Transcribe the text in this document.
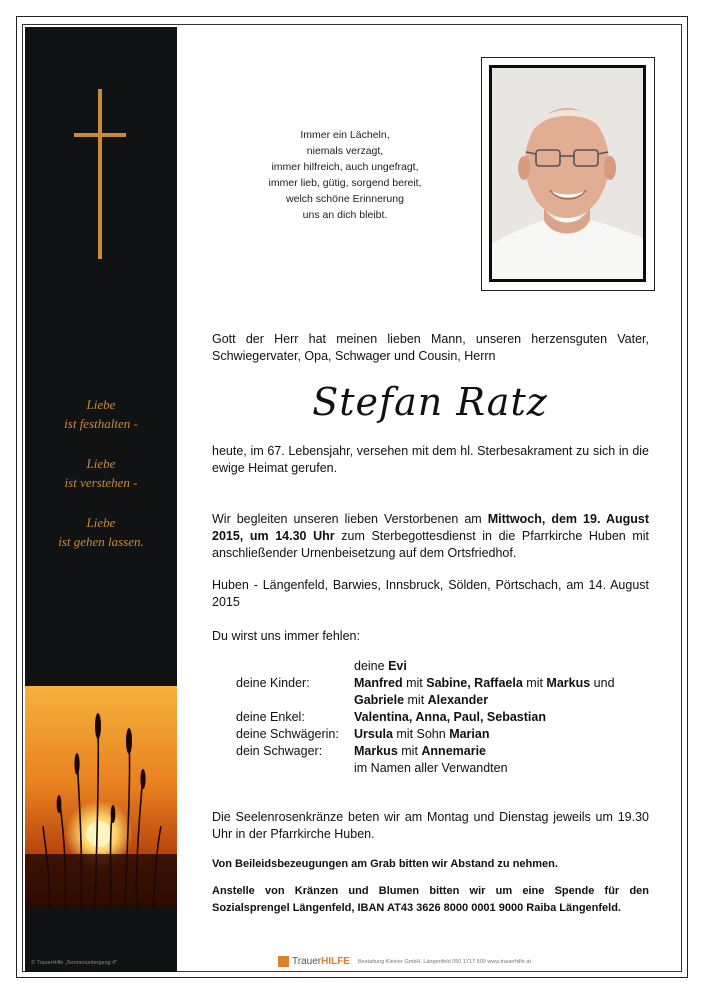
Liebe
ist festhalten -
Liebe
ist verstehen -
Liebe
ist gehen lassen.
© TrauerHilfe „Sonnenuntergang 4"
Immer ein Lächeln,
niemals verzagt,
immer hilfreich, auch ungefragt,
immer lieb, gütig, sorgend bereit,
welch schöne Erinnerung
uns an dich bleibt.
Gott der Herr hat meinen lieben Mann, unseren herzensguten Vater, Schwiegervater, Opa, Schwager und Cousin, Herrn
Stefan Ratz
heute, im 67. Lebensjahr, versehen mit dem hl. Sterbesakrament zu sich in die ewige Heimat gerufen.
Wir begleiten unseren lieben Verstorbenen am Mittwoch, dem 19. August 2015, um 14.30 Uhr zum Sterbegottesdienst in die Pfarrkirche Huben mit anschließender Urnenbeisetzung auf dem Ortsfriedhof.
Huben - Längenfeld, Barwies, Innsbruck, Sölden, Pörtschach, am 14. August 2015
Du wirst uns immer fehlen:
deine Evi
deine Kinder:	Manfred mit Sabine, Raffaela mit Markus und
Gabriele mit Alexander
deine Enkel:	Valentina, Anna, Paul, Sebastian
deine Schwägerin: Ursula mit Sohn Marian
dein Schwager:	Markus mit Annemarie
im Namen aller Verwandten
Die Seelenrosenkränze beten wir am Montag und Dienstag jeweils um 19.30 Uhr in der Pfarrkirche Huben.
Von Beileidsbezeugungen am Grab bitten wir Abstand zu nehmen.
Anstelle von Kränzen und Blumen bitten wir um eine Spende für den Sozialsprengel Längenfeld, IBAN AT43 3626 8000 0001 9000 Raiba Längenfeld.
TrauerHILFE Bestattung Kleiner GmbH, Längenfeld 050 1717 500 www.trauerhilfe.at
